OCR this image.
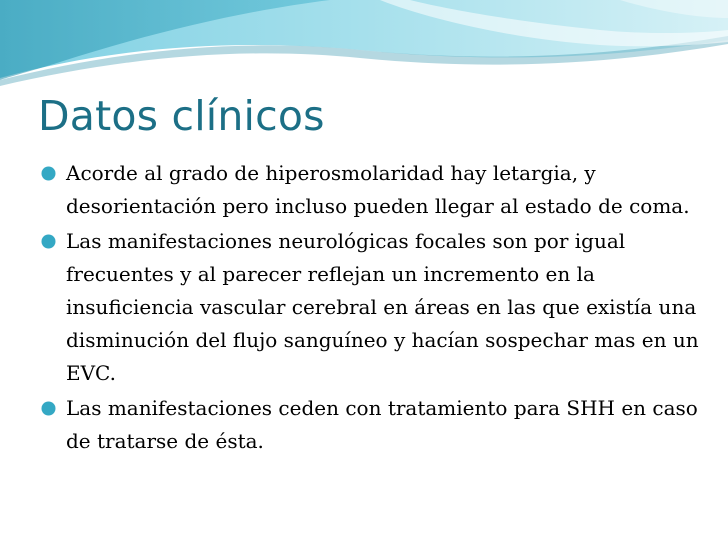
Datos clínicos
Acorde al grado de hiperosmolaridad hay letargia, y desorientación pero incluso pueden llegar al estado de coma.
Las manifestaciones neurológicas focales son por igual frecuentes y al parecer reflejan un incremento en la insuficiencia vascular cerebral en áreas en las que existía una disminución del flujo sanguíneo y hacían sospechar mas en un EVC.
Las manifestaciones ceden con tratamiento para SHH en caso de tratarse de ésta.
